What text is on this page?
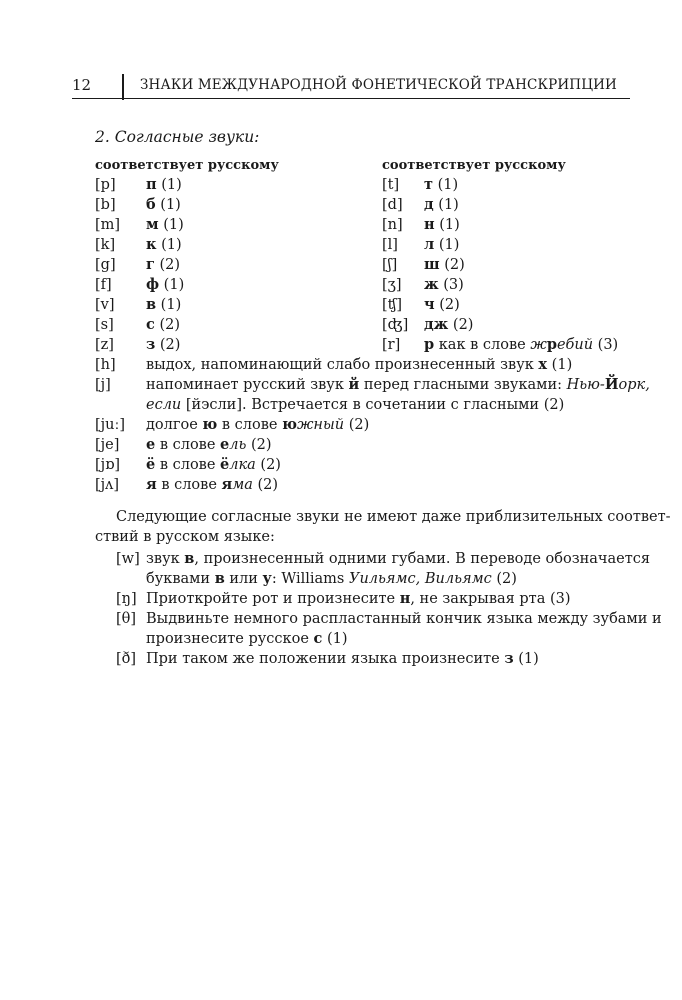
12	ЗНАКИ МЕЖДУНАРОДНОЙ ФОНЕТИЧЕСКОЙ ТРАНСКРИПЦИИ
2. Согласные звуки:
соответствует русскому	соответствует русскому
[p] п (1)
[b] б (1)
[m] м (1)
[k] к (1)
[g] г (2)
[f] ф (1)
[v] в (1)
[s] с (2)
[z] з (2)
[t] т (1)
[d] д (1)
[n] н (1)
[l] л (1)
[ʃ] ш (2)
[ʒ] ж (3)
[ʧ] ч (2)
[ʤ] дж (2)
[r] р как в слове жребий (3)
[h] выдох, напоминающий слабо произнесенный звук х (1)
[j] напоминает русский звук й перед гласными звуками: Нью-Йорк,
если [йэсли]. Встречается в сочетании с гласными (2)
[juː] долгое ю в слове южный (2)
[je] е в слове ель (2)
[jɒ] ё в слове ёлка (2)
[jʌ] я в слове яма (2)
Следующие согласные звуки не имеют даже приблизительных соответ-
ствий в русском языке:
[w] звук в, произнесенный одними губами. В переводе обозначается
буквами в или у: Williams Уильямс, Вильямс (2)
[ŋ] Приоткройте рот и произнесите н, не закрывая рта (3)
[θ] Выдвиньте немного распластанный кончик языка между зубами и
произнесите русское с (1)
[ð] При таком же положении языка произнесите з (1)
